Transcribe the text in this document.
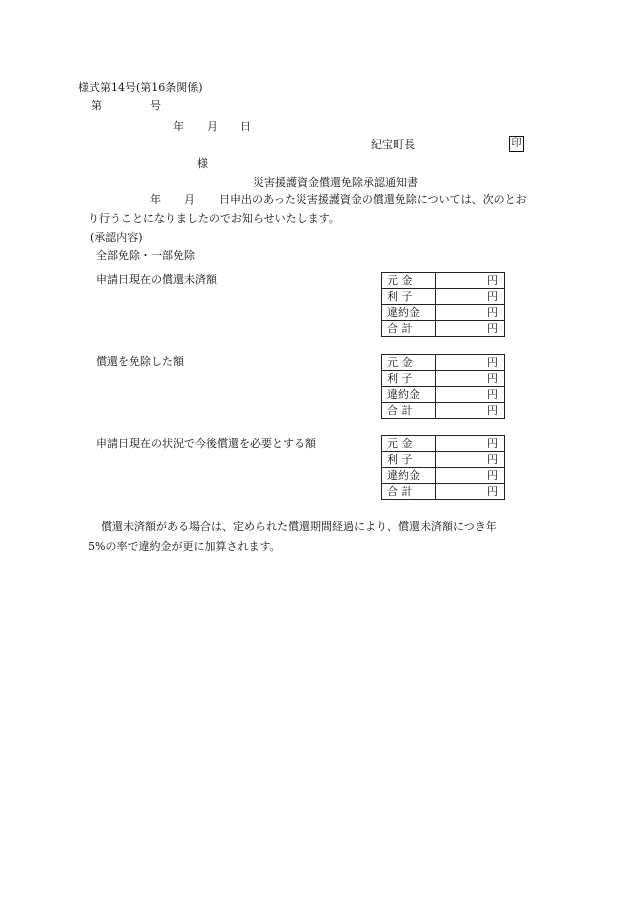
様式第14号(第16条関係)
第	号
年 月 日
紀宝町長	印
様
災害援護資金償還免除承認通知書
年 月 日申出のあった災害援護資金の償還免除については、次のとお
り行うことになりましたのでお知らせいたします。
(承認内容)
全部免除・一部免除
申請日現在の償還未済額	元 金	円
利 子	円
違約金	円
合 計	円
償還を免除した額	元 金	円
利 子	円
違約金	円
合 計	円
申請日現在の状況で今後償還を必要とする額	元 金	円
利 子	円
違約金	円
合 計	円
償還未済額がある場合は、定められた償還期間経過により、償還未済額につき年
5%の率で違約金が更に加算されます。
